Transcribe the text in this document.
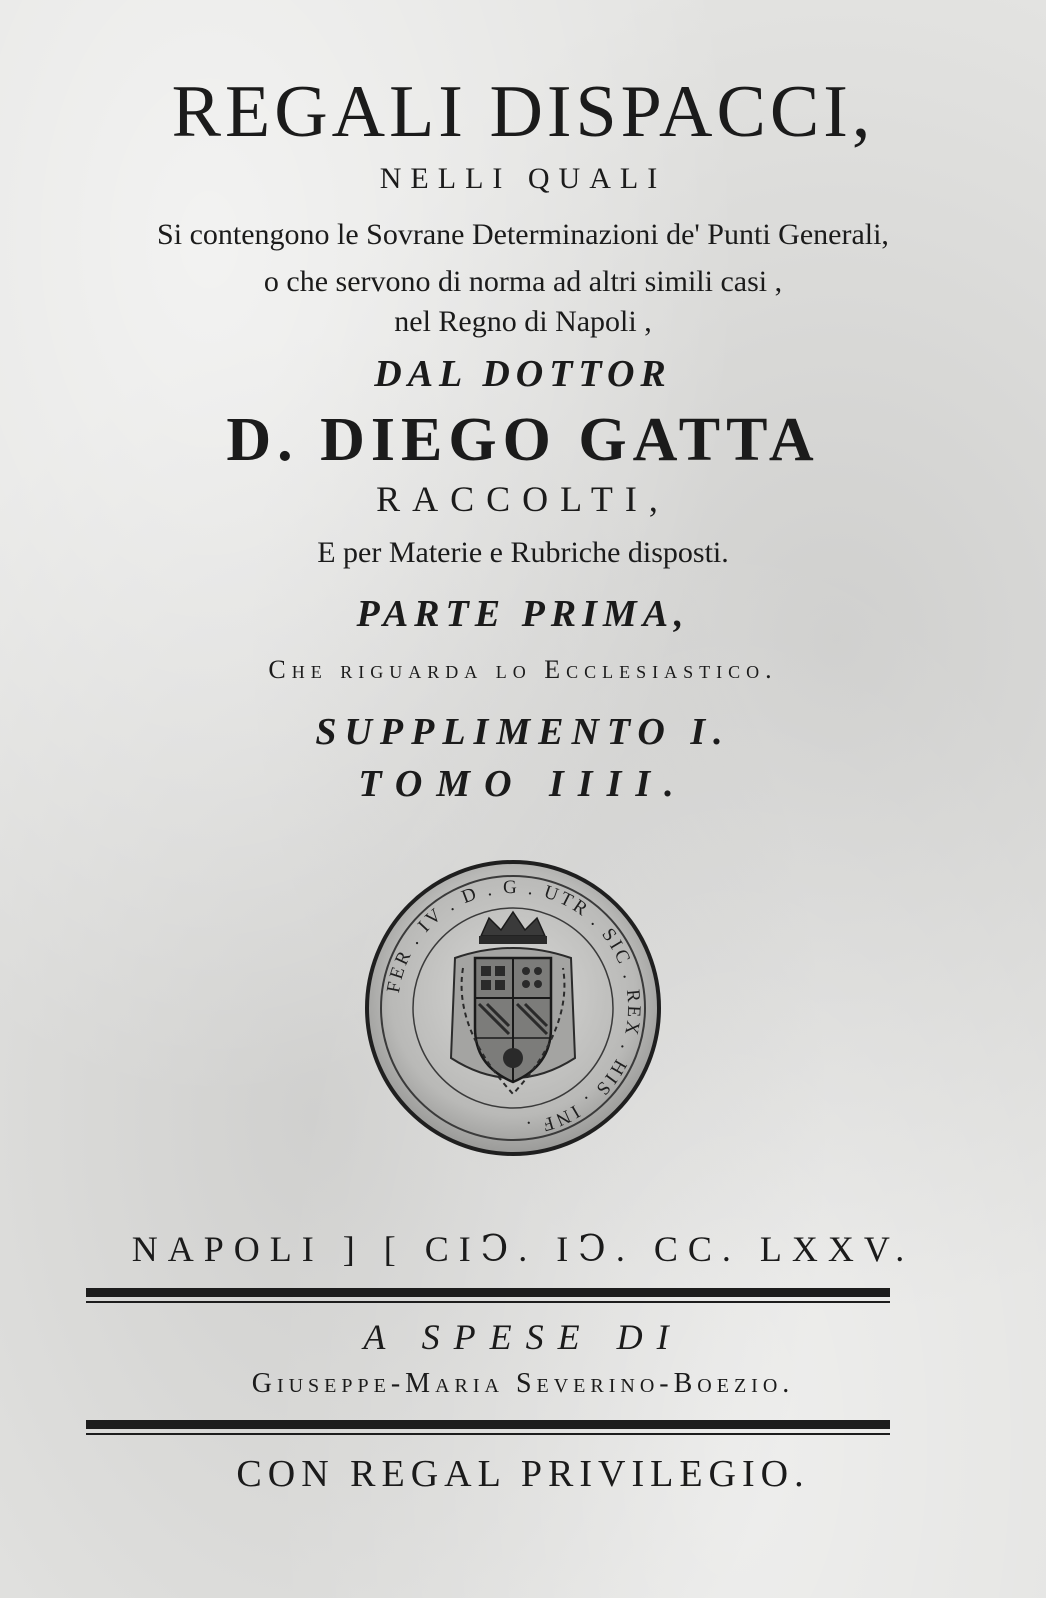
REGALI DISPACCI,
NELLI QUALI
Si contengono le Sovrane Determinazioni de' Punti Generali,
o che servono di norma ad altri simili casi ,
nel Regno di Napoli ,
DAL DOTTOR
D. DIEGO GATTA
RACCOLTI,
E per Materie e Rubriche disposti.
PARTE PRIMA,
Che riguarda lo Ecclesiastico.
SUPPLIMENTO I.
TOMO IIII.
FER . IV . D . G . UTR . SIC . REX . HIS . INF .
NAPOLI ] [ CIↃ. IↃ. CC. LXXV.
A SPESE DI
Giuseppe-Maria Severino-Boezio.
CON REGAL PRIVILEGIO.
